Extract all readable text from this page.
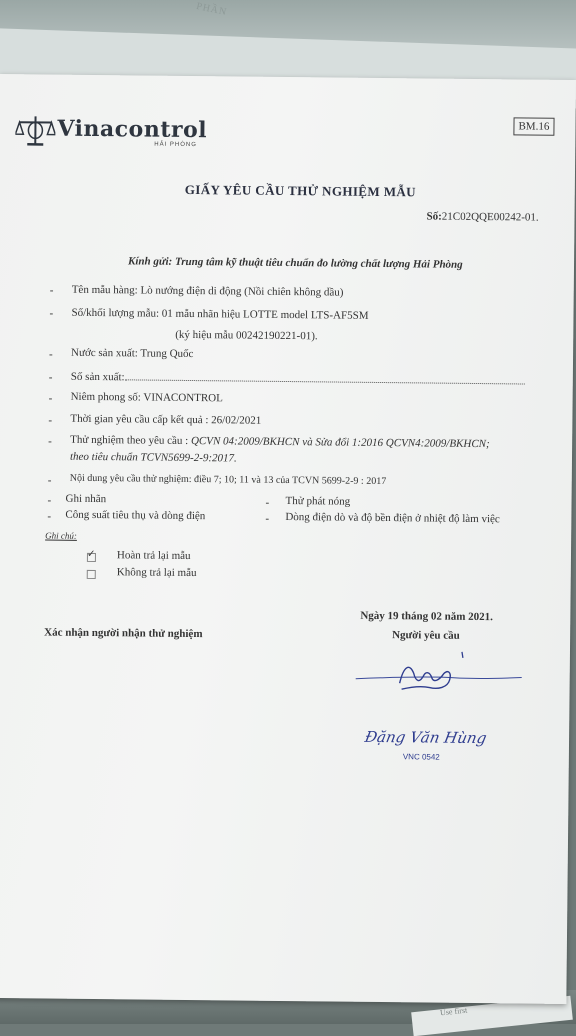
PHẦN
Use first
Vinacontrol
HẢI PHÒNG
BM.16
GIẤY YÊU CẦU THỬ NGHIỆM MẪU
Số:21C02QQE00242-01.
Kính gửi: Trung tâm kỹ thuật tiêu chuẩn đo lường chất lượng Hải Phòng
- Tên mẫu hàng: Lò nướng điện di động (Nồi chiên không dầu)
- Số/khối lượng mẫu: 01 mẫu nhãn hiệu LOTTE model LTS-AF5SM
(ký hiệu mẫu 00242190221-01).
- Nước sản xuất: Trung Quốc
- Số sản xuất:
- Niêm phong số: VINACONTROL
- Thời gian yêu cầu cấp kết quả : 26/02/2021
- Thử nghiệm theo yêu cầu : QCVN 04:2009/BKHCN và Sửa đổi 1:2016 QCVN4:2009/BKHCN;
theo tiêu chuẩn TCVN5699-2-9:2017.
- Nội dung yêu cầu thử nghiệm: điều 7; 10; 11 và 13 của TCVN 5699-2-9 : 2017
- Ghi nhãn
- Công suất tiêu thụ và dòng điện
- Thử phát nóng
- Dòng điện dò và độ bền điện ở nhiệt độ làm việc
Ghi chú:
✓ Hoàn trả lại mẫu
Không trả lại mẫu
Ngày 19 tháng 02 năm 2021.
Người yêu cầu
Xác nhận người nhận thử nghiệm
Đặng Văn Hùng
VNC 0542
